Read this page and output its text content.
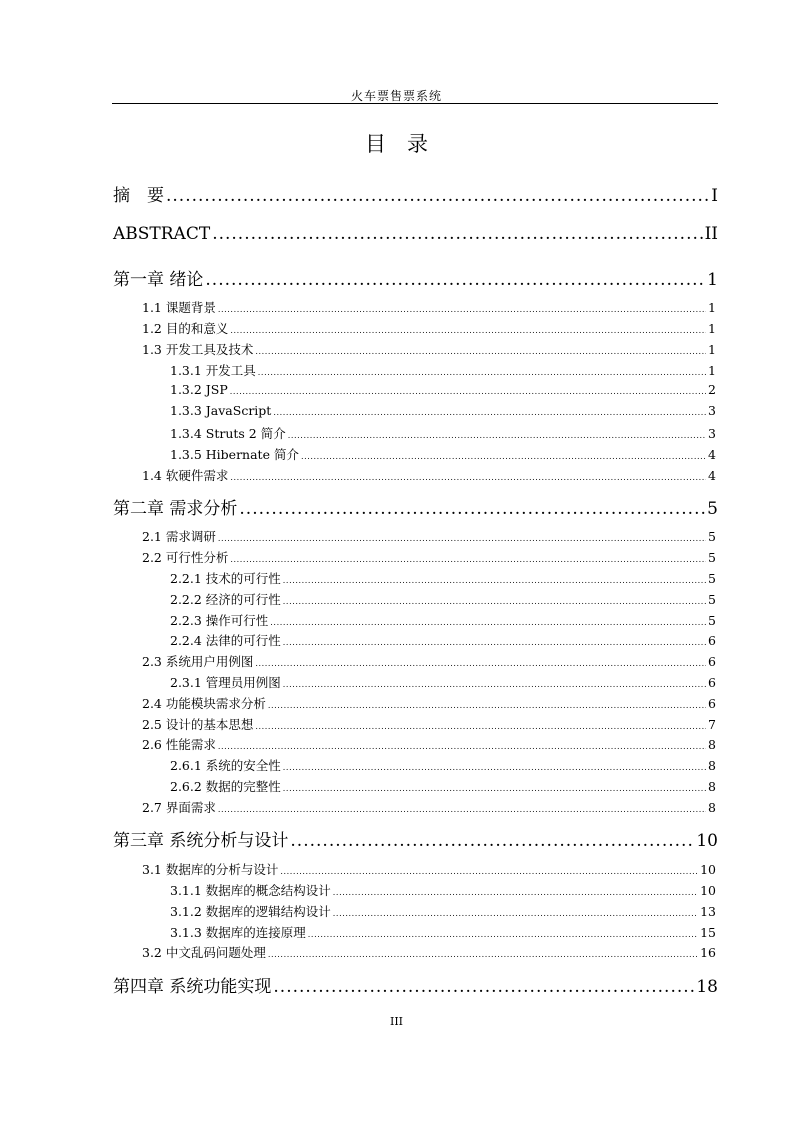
火车票售票系统
目　录
摘　要 .....	I
ABSTRACT .....	II
第一章 绪论 .....	1
1.1 课题背景 .....	1
1.2 目的和意义 .....	1
1.3 开发工具及技术 .....	1
1.3.1 开发工具 .....	1
1.3.2 JSP .....	2
1.3.3 JavaScript .....	3
1.3.4 Struts 2 简介 .....	3
1.3.5 Hibernate 简介 .....	4
1.4 软硬件需求 .....	4
第二章 需求分析 .....	5
2.1 需求调研 .....	5
2.2 可行性分析 .....	5
2.2.1 技术的可行性 .....	5
2.2.2 经济的可行性 .....	5
2.2.3 操作可行性 .....	5
2.2.4 法律的可行性 .....	6
2.3 系统用户用例图 .....	6
2.3.1 管理员用例图 .....	6
2.4 功能模块需求分析 .....	6
2.5 设计的基本思想 .....	7
2.6 性能需求 .....	8
2.6.1 系统的安全性 .....	8
2.6.2 数据的完整性 .....	8
2.7 界面需求 .....	8
第三章 系统分析与设计 .....	10
3.1 数据库的分析与设计 .....	10
3.1.1 数据库的概念结构设计 .....	10
3.1.2 数据库的逻辑结构设计 .....	13
3.1.3 数据库的连接原理 .....	15
3.2 中文乱码问题处理 .....	16
第四章 系统功能实现 .....	18
III
